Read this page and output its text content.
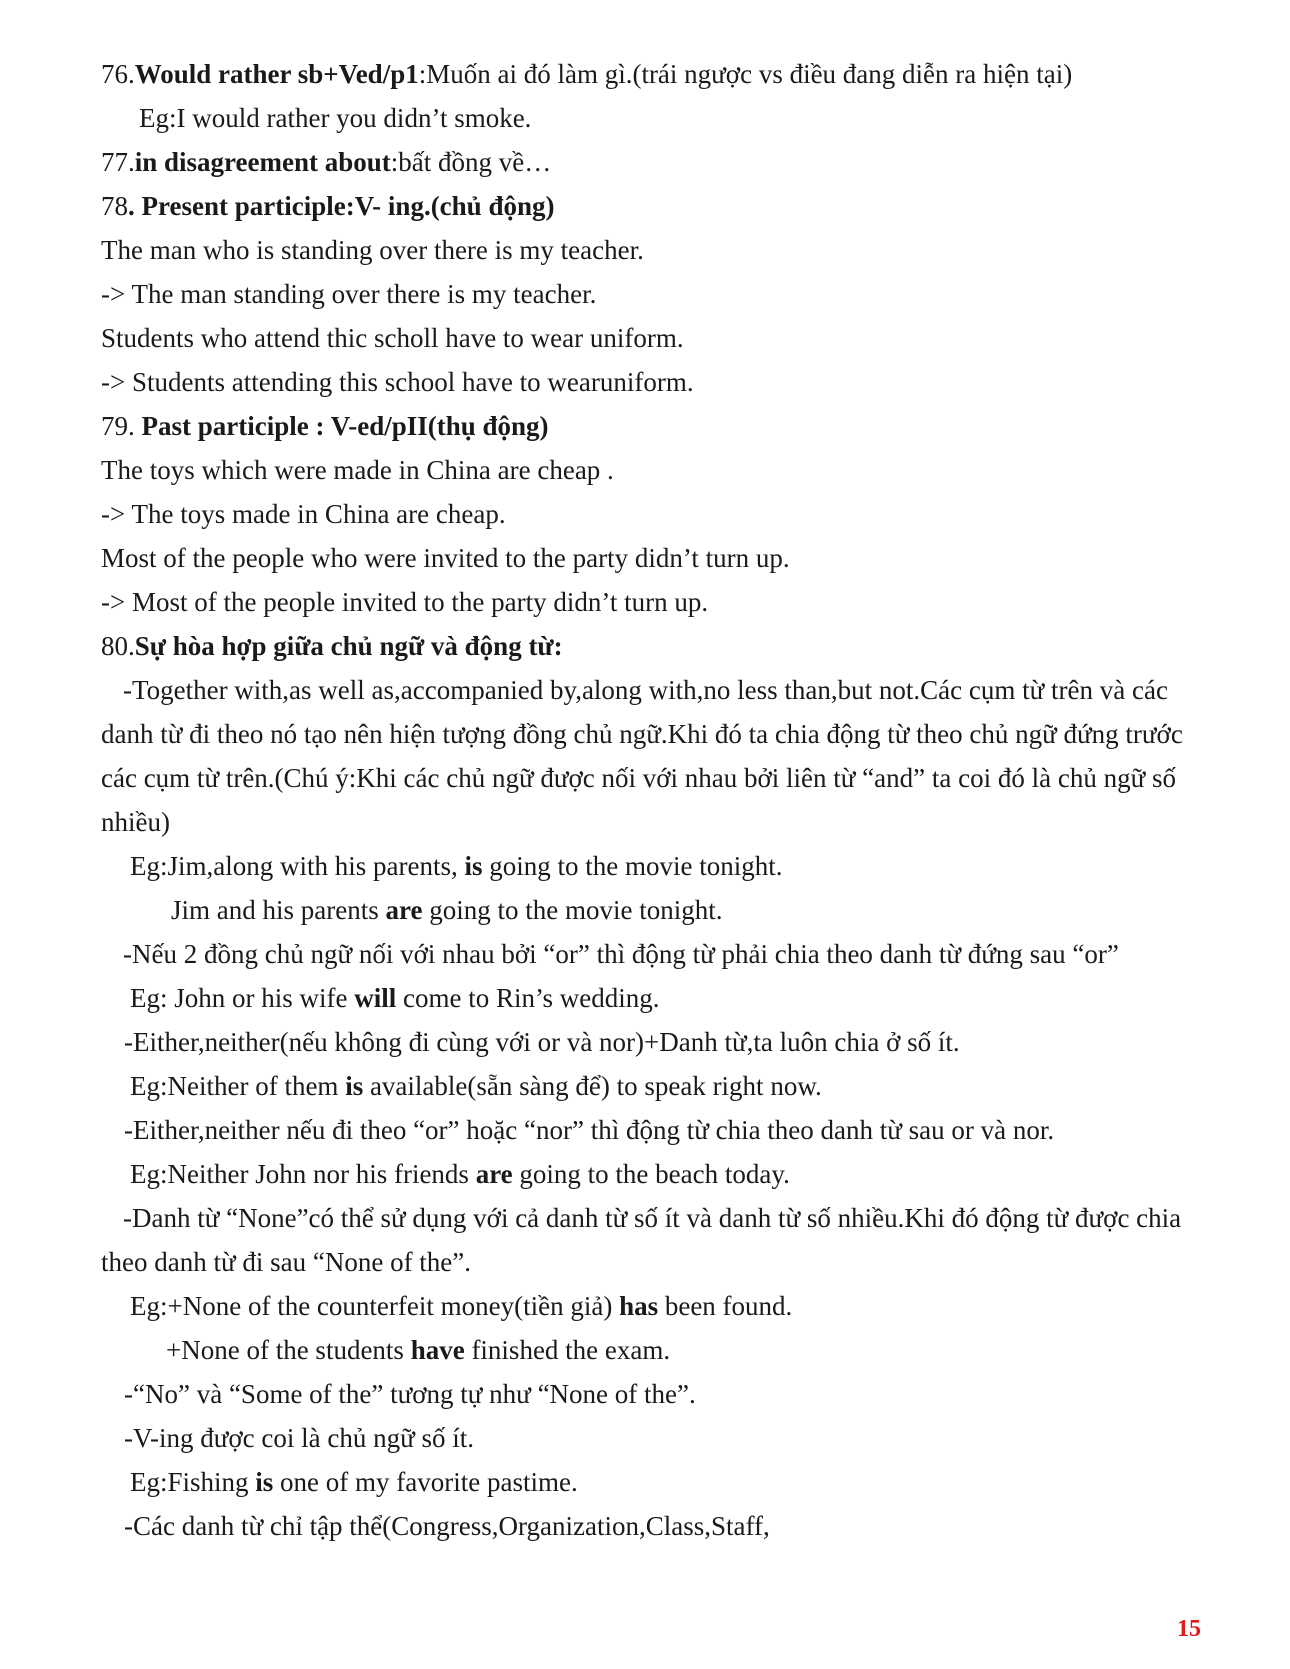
76.Would rather sb+Ved/p1:Muốn ai đó làm gì.(trái ngược vs điều đang diễn ra hiện tại)
Eg:I would rather you didn’t smoke.
77.in disagreement about:bất đồng về…
78. Present participle:V- ing.(chủ động)
The man who is standing over there is my teacher.
-> The man standing over there is my teacher.
Students who attend thic scholl have to wear uniform.
-> Students attending this school have to wearuniform.
79. Past participle : V-ed/pII(thụ động)
The toys which were made in China are cheap .
-> The toys made in China are cheap.
Most of the people who were invited to the party didn’t turn up.
-> Most of the people invited to the party didn’t turn up.
80.Sự hòa hợp giữa chủ ngữ và động từ:
-Together with,as well as,accompanied by,along with,no less than,but not.Các cụm từ trên và các danh từ đi theo nó tạo nên hiện tượng đồng chủ ngữ.Khi đó ta chia động từ theo chủ ngữ đứng trước các cụm từ trên.(Chú ý:Khi các chủ ngữ được nối với nhau bởi liên từ “and” ta coi đó là chủ ngữ số nhiều)
Eg:Jim,along with his parents, is going to the movie tonight.
Jim and his parents are going to the movie tonight.
-Nếu 2 đồng chủ ngữ nối với nhau bởi “or” thì động từ phải chia theo danh từ đứng sau “or”
Eg: John or his wife will come to Rin’s wedding.
-Either,neither(nếu không đi cùng với or và nor)+Danh từ,ta luôn chia ở số ít.
Eg:Neither of them is available(sẵn sàng để) to speak right now.
-Either,neither nếu đi theo “or” hoặc “nor” thì động từ chia theo danh từ sau or và nor.
Eg:Neither John nor his friends are going to the beach today.
-Danh từ “None”có thể sử dụng với cả danh từ số ít và danh từ số nhiều.Khi đó động từ được chia theo danh từ đi sau “None of the”.
Eg:+None of the counterfeit money(tiền giả) has been found.
+None of the students have finished the exam.
-“No” và “Some of the” tương tự như “None of the”.
-V-ing được coi là chủ ngữ số ít.
Eg:Fishing is one of my favorite pastime.
-Các danh từ chỉ tập thể(Congress,Organization,Class,Staff,
15
